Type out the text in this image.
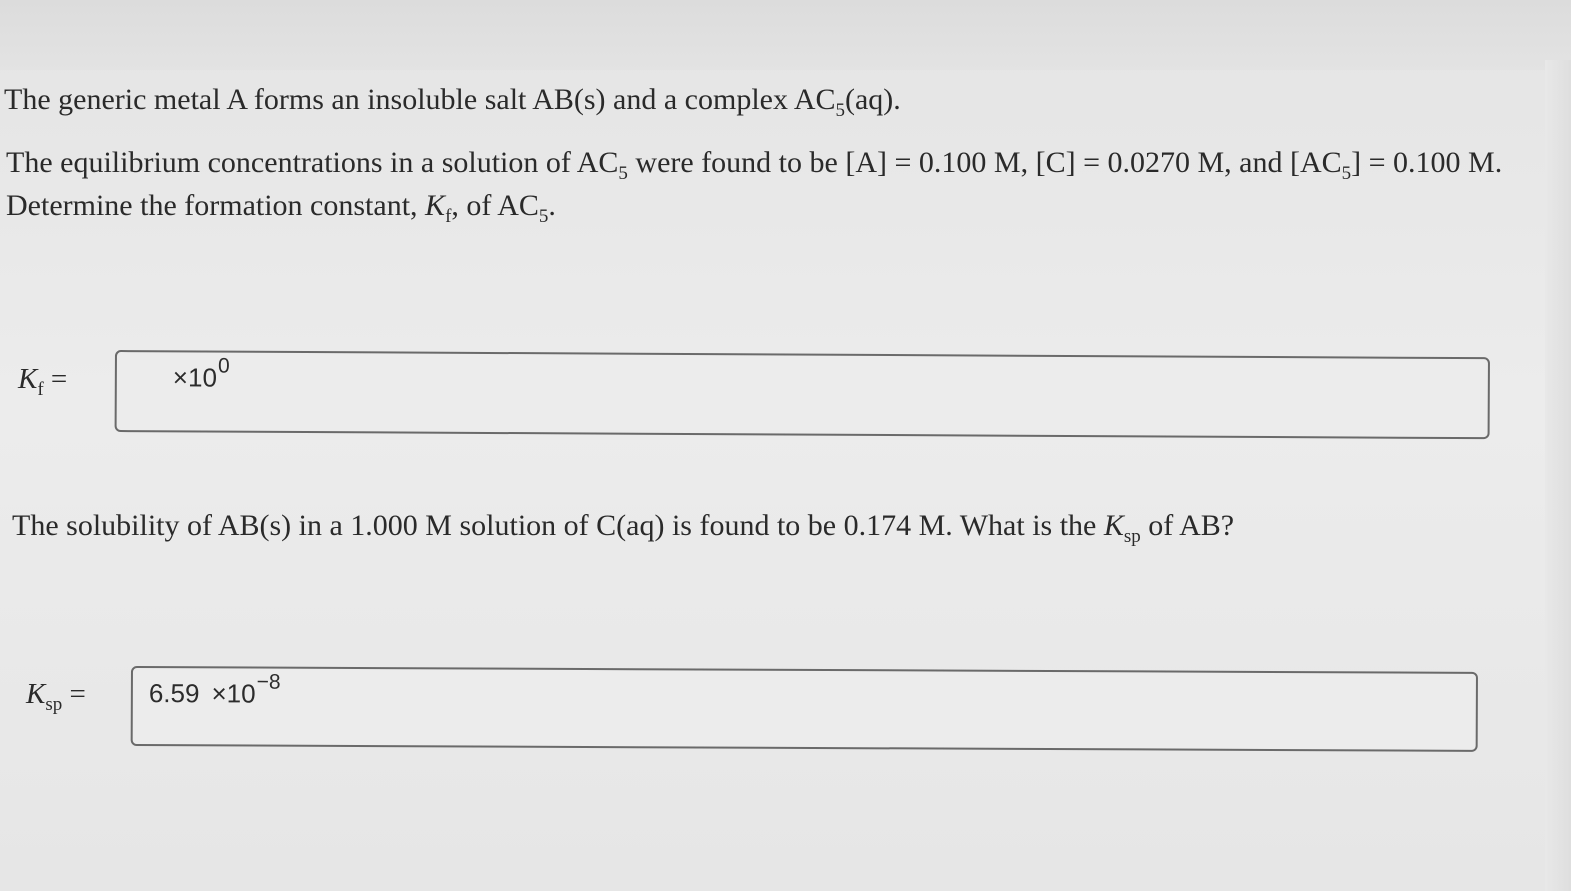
The generic metal A forms an insoluble salt AB(s) and a complex $AC_5(aq)$.
The equilibrium concentrations in a solution of $AC_5$ were found to be [A] = 0.100 M, [C] = 0.0270 M, and $[AC_5] = 0.100$ M.
Determine the formation constant, $K_f$, of $AC_5$.
$K_f$ =	$\times 10^0$
The solubility of AB(s) in a 1.000 M solution of C(aq) is found to be 0.174 M. What is the $K_{sp}$ of AB?
$K_{sp} = 6.59 \times 10^{-8}$
